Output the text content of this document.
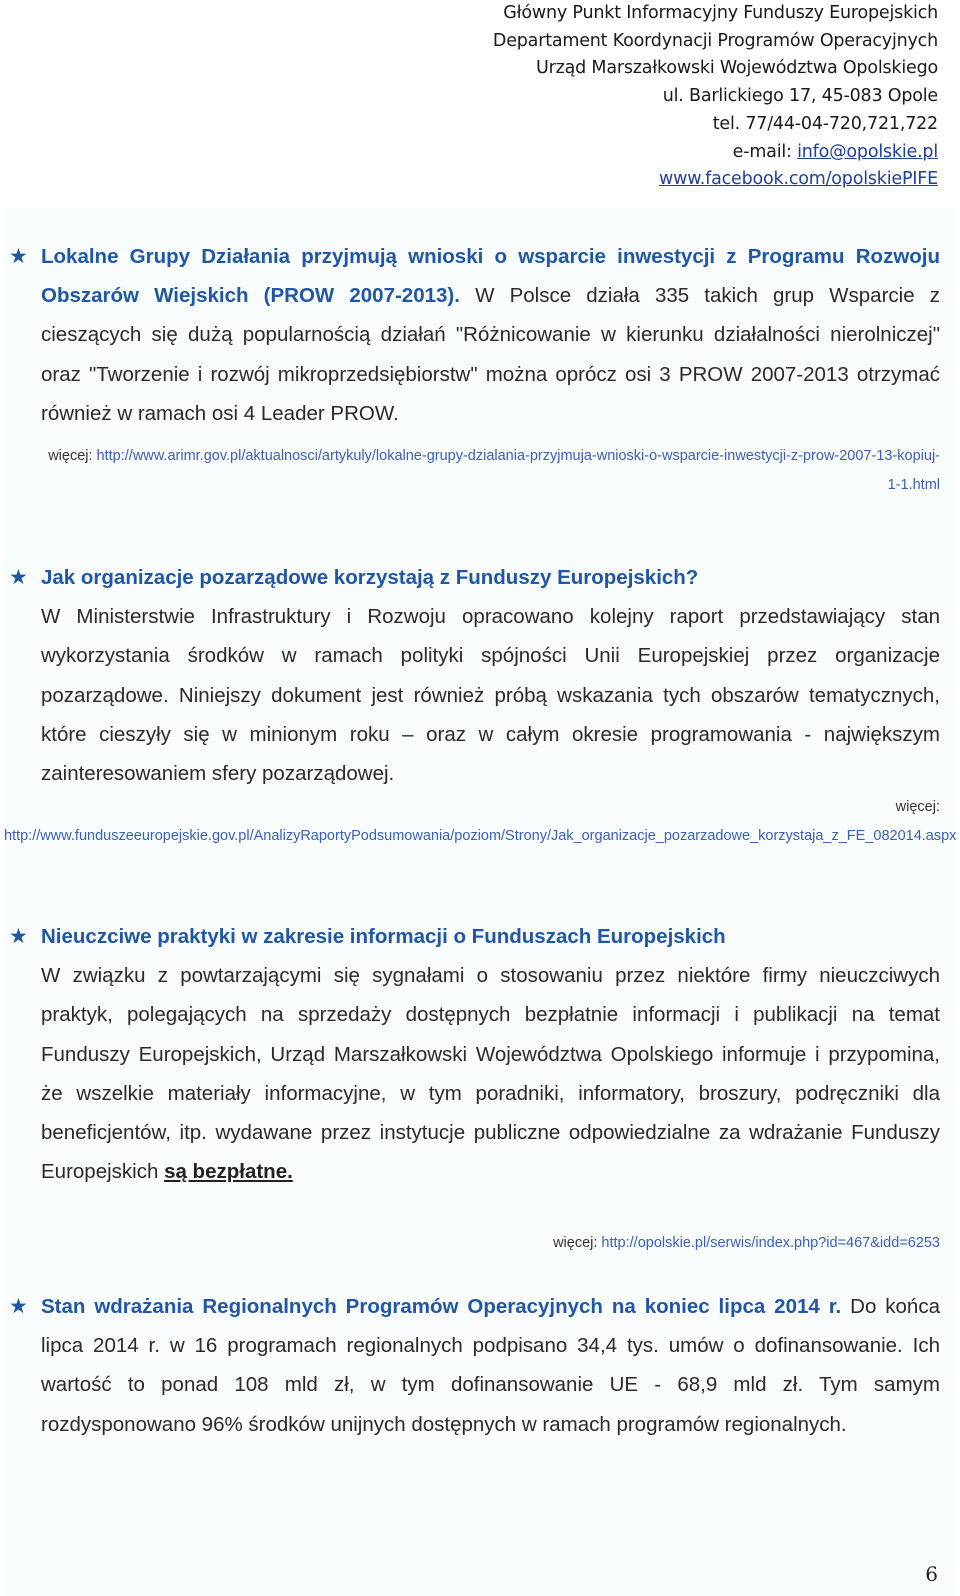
Główny Punkt Informacyjny Funduszy Europejskich
Departament Koordynacji Programów Operacyjnych
Urząd Marszałkowski Województwa Opolskiego
ul. Barlickiego 17, 45-083 Opole
tel. 77/44-04-720,721,722
e-mail: info@opolskie.pl
www.facebook.com/opolskiePIFE
★ Lokalne Grupy Działania przyjmują wnioski o wsparcie inwestycji z Programu Rozwoju Obszarów Wiejskich (PROW 2007-2013). W Polsce działa 335 takich grup Wsparcie z cieszących się dużą popularnością działań "Różnicowanie w kierunku działalności nierolniczej" oraz "Tworzenie i rozwój mikroprzedsiębiorstw" można oprócz osi 3 PROW 2007-2013 otrzymać również w ramach osi 4 Leader PROW.
więcej: http://www.arimr.gov.pl/aktualnosci/artykuly/lokalne-grupy-dzialania-przyjmuja-wnioski-o-wsparcie-inwestycji-z-prow-2007-13-kopiuj-1-1.html
★ Jak organizacje pozarządowe korzystają z Funduszy Europejskich?
W Ministerstwie Infrastruktury i Rozwoju opracowano kolejny raport przedstawiający stan wykorzystania środków w ramach polityki spójności Unii Europejskiej przez organizacje pozarządowe. Niniejszy dokument jest również próbą wskazania tych obszarów tematycznych, które cieszyły się w minionym roku – oraz w całym okresie programowania - największym zainteresowaniem sfery pozarządowej.
więcej:
http://www.funduszeeuropejskie.gov.pl/AnalizyRaportyPodsumowania/poziom/Strony/Jak_organizacje_pozarzadowe_korzystaja_z_FE_082014.aspx
★ Nieuczciwe praktyki w zakresie informacji o Funduszach Europejskich
W związku z powtarzającymi się sygnałami o stosowaniu przez niektóre firmy nieuczciwych praktyk, polegających na sprzedaży dostępnych bezpłatnie informacji i publikacji na temat Funduszy Europejskich, Urząd Marszałkowski Województwa Opolskiego informuje i przypomina, że wszelkie materiały informacyjne, w tym poradniki, informatory, broszury, podręczniki dla beneficjentów, itp. wydawane przez instytucje publiczne odpowiedzialne za wdrażanie Funduszy Europejskich są bezpłatne.
więcej: http://opolskie.pl/serwis/index.php?id=467&idd=6253
★ Stan wdrażania Regionalnych Programów Operacyjnych na koniec lipca 2014 r. Do końca lipca 2014 r. w 16 programach regionalnych podpisano 34,4 tys. umów o dofinansowanie. Ich wartość to ponad 108 mld zł, w tym dofinansowanie UE - 68,9 mld zł. Tym samym rozdysponowano 96% środków unijnych dostępnych w ramach programów regionalnych.
6
